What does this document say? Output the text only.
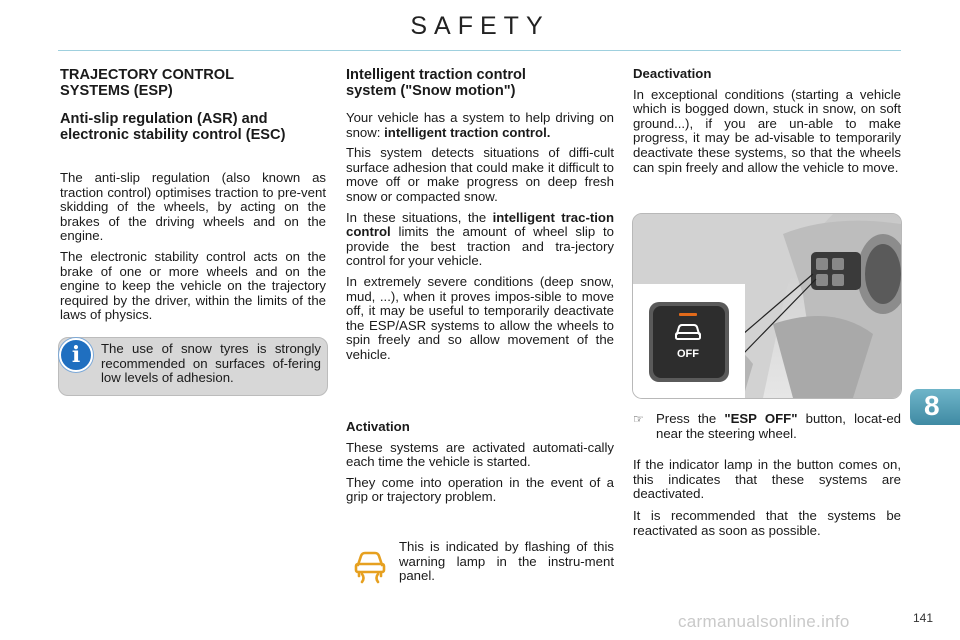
SAFETY

TRAJECTORY CONTROL SYSTEMS (ESP)

Anti-slip regulation (ASR) and electronic stability control (ESC)

The anti-slip regulation (also known as traction control) optimises traction to pre-vent skidding of the wheels, by acting on the brakes of the driving wheels and on the engine.

The electronic stability control acts on the brake of one or more wheels and on the engine to keep the vehicle on the trajectory required by the driver, within the limits of the laws of physics.

i	The use of snow tyres is strongly recommended on surfaces of-fering low levels of adhesion.

Intelligent traction control system ("Snow motion")

Your vehicle has a system to help driving on snow: intelligent traction control.

This system detects situations of diffi-cult surface adhesion that could make it difficult to move off or make progress on deep fresh snow or compacted snow.

In these situations, the intelligent trac-tion control limits the amount of wheel slip to provide the best traction and tra-jectory control for your vehicle.

In extremely severe conditions (deep snow, mud, ...), when it proves impos-sible to move off, it may be useful to temporarily deactivate the ESP/ASR systems to allow the wheels to spin freely and so allow movement of the vehicle.

Activation

These systems are activated automati-cally each time the vehicle is started.

They come into operation in the event of a grip or trajectory problem.

This is indicated by flashing of this warning lamp in the instru-ment panel.

Deactivation

In exceptional conditions (starting a vehicle which is bogged down, stuck in snow, on soft ground...), if you are un-able to make progress, it may be ad-visable to temporarily deactivate these systems, so that the wheels can spin freely and allow the vehicle to move.

OFF
☞ Press the "ESP OFF" button, locat-ed near the steering wheel.
If the indicator lamp in the button comes on, this indicates that these systems are deactivated.
It is recommended that the systems be reactivated as soon as possible.
8
carmanualsonline.info	141
